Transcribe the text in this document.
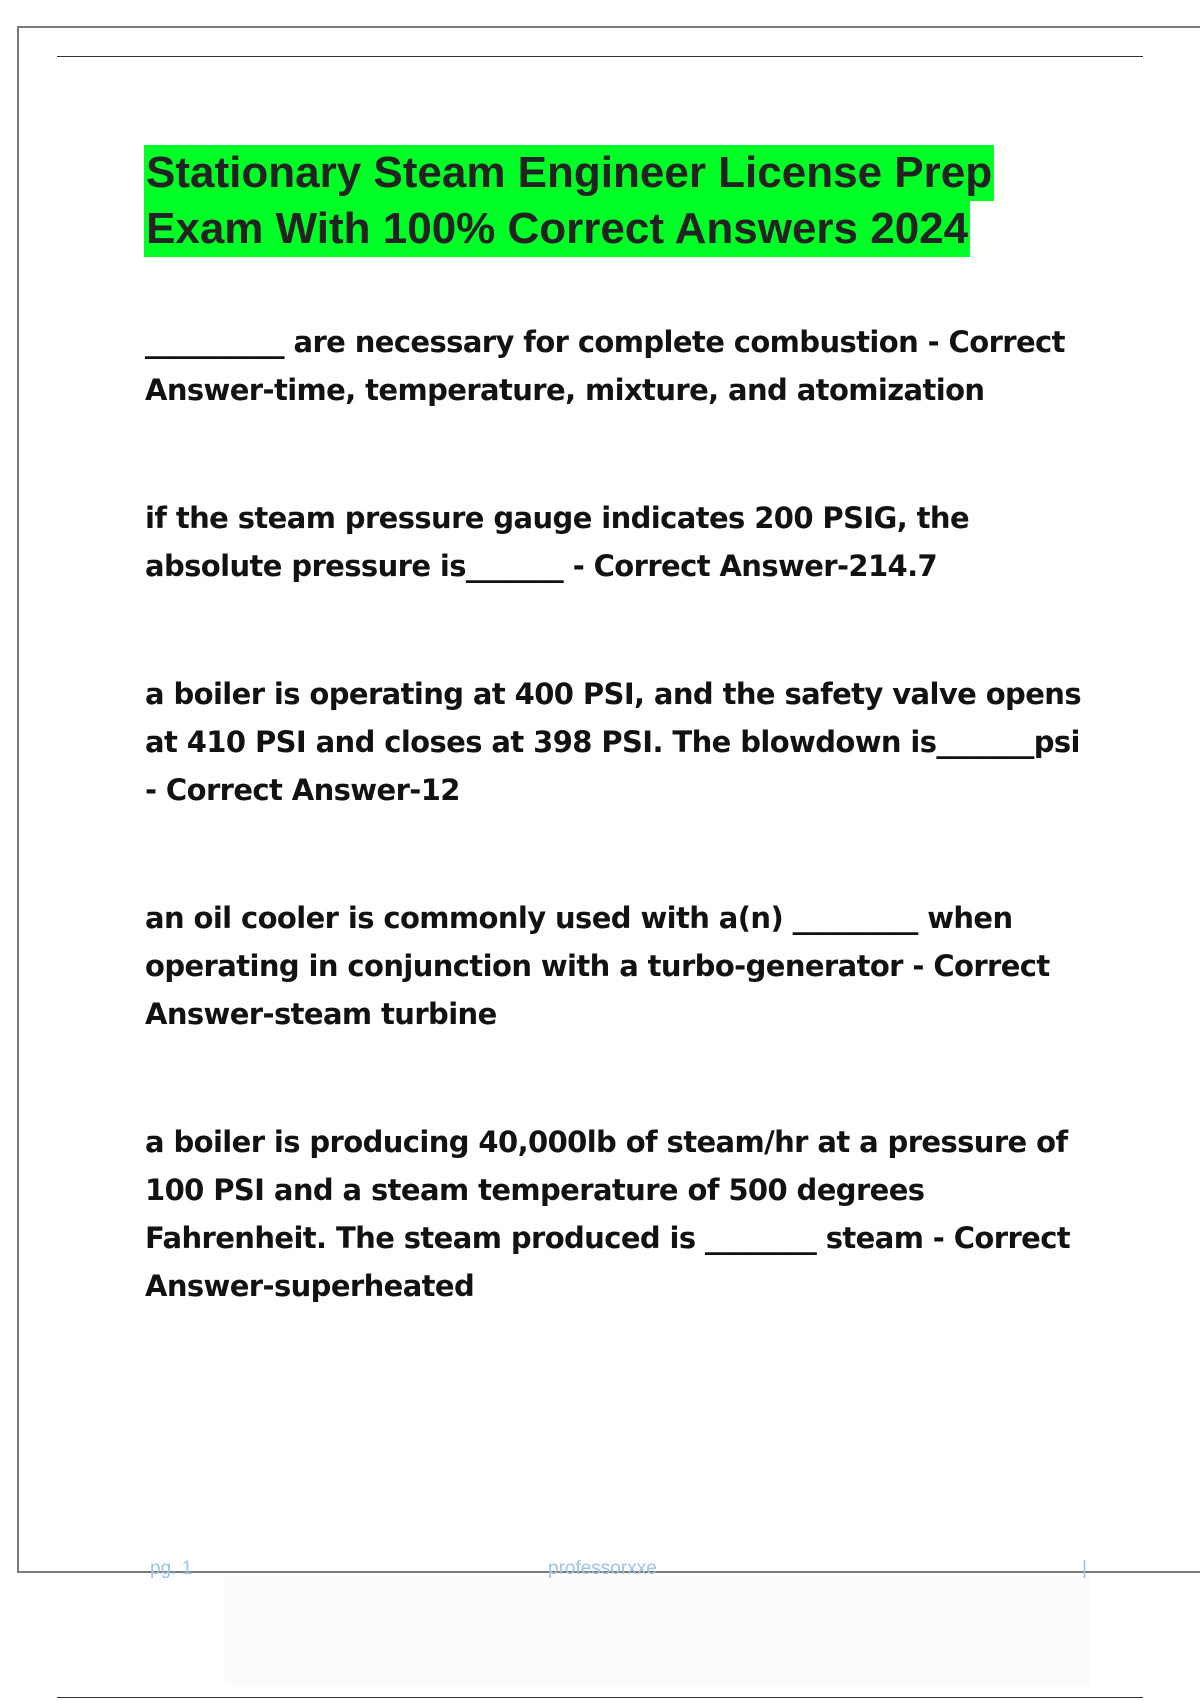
Stationary Steam Engineer License Prep
Exam With 100% Correct Answers 2024

__________ are necessary for complete combustion - Correct Answer-time, temperature, mixture, and atomization

if the steam pressure gauge indicates 200 PSIG, the absolute pressure is_______ - Correct Answer-214.7

a boiler is operating at 400 PSI, and the safety valve opens at 410 PSI and closes at 398 PSI. The blowdown is_______psi - Correct Answer-12

an oil cooler is commonly used with a(n) _________ when operating in conjunction with a turbo-generator - Correct Answer-steam turbine

a boiler is producing 40,000lb of steam/hr at a pressure of 100 PSI and a steam temperature of 500 degrees Fahrenheit. The steam produced is ________ steam - Correct Answer-superheated

pg. 1	professorxxe	|
